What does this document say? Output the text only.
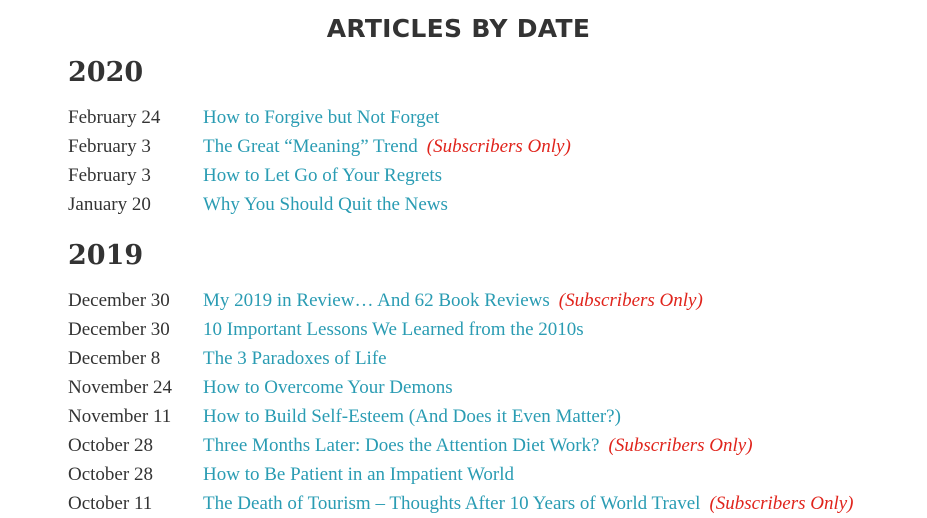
ARTICLES BY DATE
2020
February 24	How to Forgive but Not Forget
February 3	The Great “Meaning” Trend (Subscribers Only)
February 3	How to Let Go of Your Regrets
January 20	Why You Should Quit the News
2019
December 30	My 2019 in Review… And 62 Book Reviews (Subscribers Only)
December 30	10 Important Lessons We Learned from the 2010s
December 8	The 3 Paradoxes of Life
November 24	How to Overcome Your Demons
November 11	How to Build Self-Esteem (And Does it Even Matter?)
October 28	Three Months Later: Does the Attention Diet Work? (Subscribers Only)
October 28	How to Be Patient in an Impatient World
October 11	The Death of Tourism – Thoughts After 10 Years of World Travel (Subscribers Only)
